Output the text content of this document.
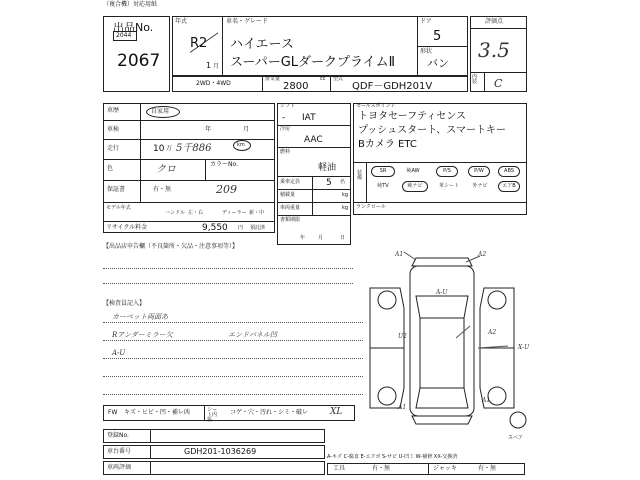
（複合機）対応用紙
出品No.
2044
2067
年式
R2
1 月
車名・グレード
ハイエース
スーパーGLダークプライムⅡ
ドア
5
形状
バン
2WD・4WD
排気量
2800
cc 型式
QDF－GDH201V
評価点
3.5
内装 C
車歴	自家用
車検	年	月
走行	10 万 5千886	km
色	クロ	カラーNo.
保証書	有・無	209
モデル年式
ハンドル 左・右	ディーラー 新・中
リサイクル料金	9,550 円 預託済
シフト
- IAT
冷房
AAC
燃料
軽油
乗車定員	5 名
積載量	kg
車両重量	kg
書類期限
年	月	日
セールスポイント
トヨタセーフティセンス
プッシュスタート、スマートキー
Bカメラ ETC
装備
SR	純AW	P/S	P/W	ABS
純TV	純ナビ	革シート	外ナビ	エアB
ランクロール
【出品店申告欄（不良箇所・欠品・注意事項等）】
【検査員記入】
カーペット両面あ
Rアンダーミラー欠	エンドパネル凹
A-U
A1	A2
A-U
U2
A2
X-U
A1
A1
スペア
FW キズ・ヒビ・凹・補レ凶	シート内張
コゲ・穴・汚れ・シミ・破レ XL
登録No.
車台番号	GDH201-1036269
車両評価
A-キズ C-腐食 E-エクボ S-サビ U-凹ミ W-補修 XX-交換済
工具	有・無	ジャッキ	有・無
